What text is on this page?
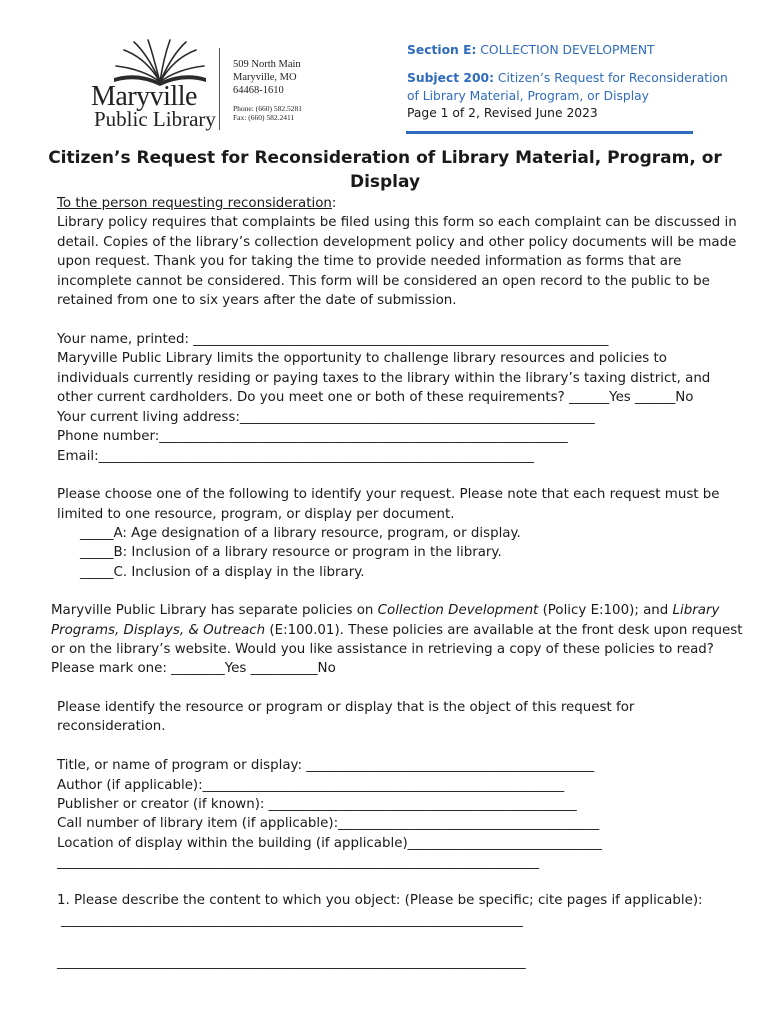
Maryville
Public Library
509 North Main
Maryville, MO
64468-1610
Phone: (660) 582.5281
Fax: (660) 582.2411
Section E: COLLECTION DEVELOPMENT
Subject 200: Citizen’s Request for Reconsideration
of Library Material, Program, or Display
Page 1 of 2, Revised June 2023
Citizen’s Request for Reconsideration of Library Material, Program, or
Display
To the person requesting reconsideration:
Library policy requires that complaints be filed using this form so each complaint can be discussed in
detail. Copies of the library’s collection development policy and other policy documents will be made
upon request. Thank you for taking the time to provide needed information as forms that are
incomplete cannot be considered. This form will be considered an open record to the public to be
retained from one to six years after the date of submission.
Your name, printed: ______________________________________________________________
Maryville Public Library limits the opportunity to challenge library resources and policies to
individuals currently residing or paying taxes to the library within the library’s taxing district, and
other current cardholders. Do you meet one or both of these requirements? ______Yes ______No
Your current living address:_____________________________________________________
Phone number:_____________________________________________________________
Email:_________________________________________________________________
Please choose one of the following to identify your request. Please note that each request must be
limited to one resource, program, or display per document.
_____A: Age designation of a library resource, program, or display.
_____B: Inclusion of a library resource or program in the library.
_____C. Inclusion of a display in the library.
Maryville Public Library has separate policies on Collection Development (Policy E:100); and Library
Programs, Displays, & Outreach (E:100.01). These policies are available at the front desk upon request
or on the library’s website. Would you like assistance in retrieving a copy of these policies to read?
Please mark one: ________Yes __________No
Please identify the resource or program or display that is the object of this request for
reconsideration.
Title, or name of program or display: ___________________________________________
Author (if applicable):______________________________________________________
Publisher or creator (if known): ______________________________________________
Call number of library item (if applicable):_______________________________________
Location of display within the building (if applicable)_____________________________
________________________________________________________________________
1. Please describe the content to which you object: (Please be specific; cite pages if applicable):
_____________________________________________________________________
______________________________________________________________________
